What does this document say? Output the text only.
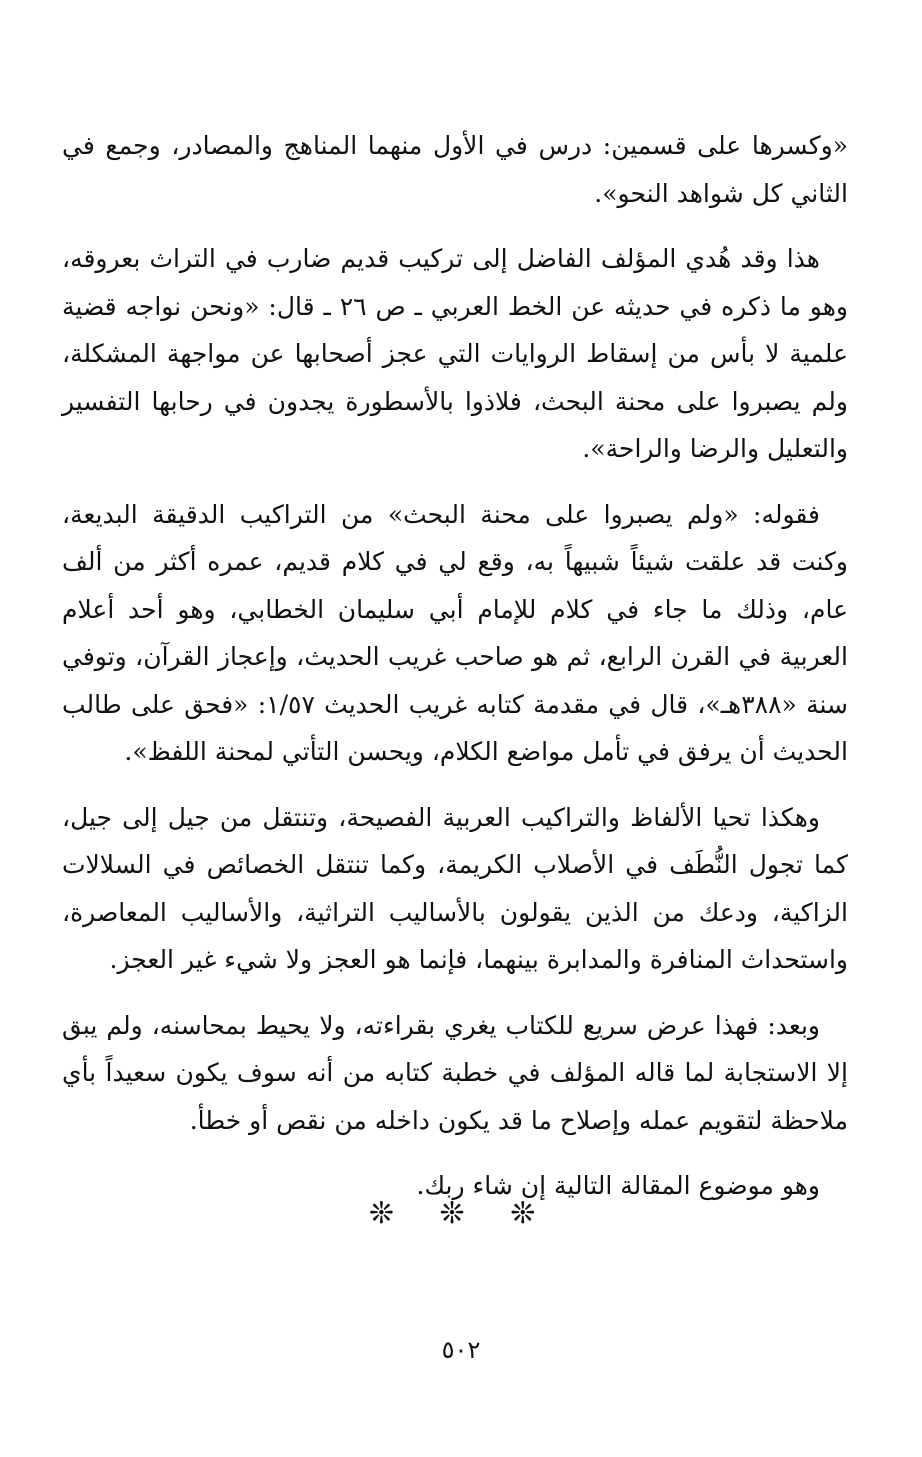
«وكسرها على قسمين: درس في الأول منهما المناهج والمصادر، وجمع في الثاني كل شواهد النحو».

هذا وقد هُدي المؤلف الفاضل إلى تركيب قديم ضارب في التراث بعروقه، وهو ما ذكره في حديثه عن الخط العربي ـ ص ٢٦ ـ قال: «ونحن نواجه قضية علمية لا بأس من إسقاط الروايات التي عجز أصحابها عن مواجهة المشكلة، ولم يصبروا على محنة البحث، فلاذوا بالأسطورة يجدون في رحابها التفسير والتعليل والرضا والراحة».

فقوله: «ولم يصبروا على محنة البحث» من التراكيب الدقيقة البديعة، وكنت قد علقت شيئاً شبيهاً به، وقع لي في كلام قديم، عمره أكثر من ألف عام، وذلك ما جاء في كلام للإمام أبي سليمان الخطابي، وهو أحد أعلام العربية في القرن الرابع، ثم هو صاحب غريب الحديث، وإعجاز القرآن، وتوفي سنة «٣٨٨هـ»، قال في مقدمة كتابه غريب الحديث ١/٥٧: «فحق على طالب الحديث أن يرفق في تأمل مواضع الكلام، ويحسن التأتي لمحنة اللفظ».

وهكذا تحيا الألفاظ والتراكيب العربية الفصيحة، وتنتقل من جيل إلى جيل، كما تجول النُّطَف في الأصلاب الكريمة، وكما تنتقل الخصائص في السلالات الزاكية، ودعك من الذين يقولون بالأساليب التراثية، والأساليب المعاصرة، واستحداث المنافرة والمدابرة بينهما، فإنما هو العجز ولا شيء غير العجز.

وبعد: فهذا عرض سريع للكتاب يغري بقراءته، ولا يحيط بمحاسنه، ولم يبق إلا الاستجابة لما قاله المؤلف في خطبة كتابه من أنه سوف يكون سعيداً بأي ملاحظة لتقويم عمله وإصلاح ما قد يكون داخله من نقص أو خطأ.

وهو موضوع المقالة التالية إن شاء ربك.

❊ ❊ ❊
٥٠٢
